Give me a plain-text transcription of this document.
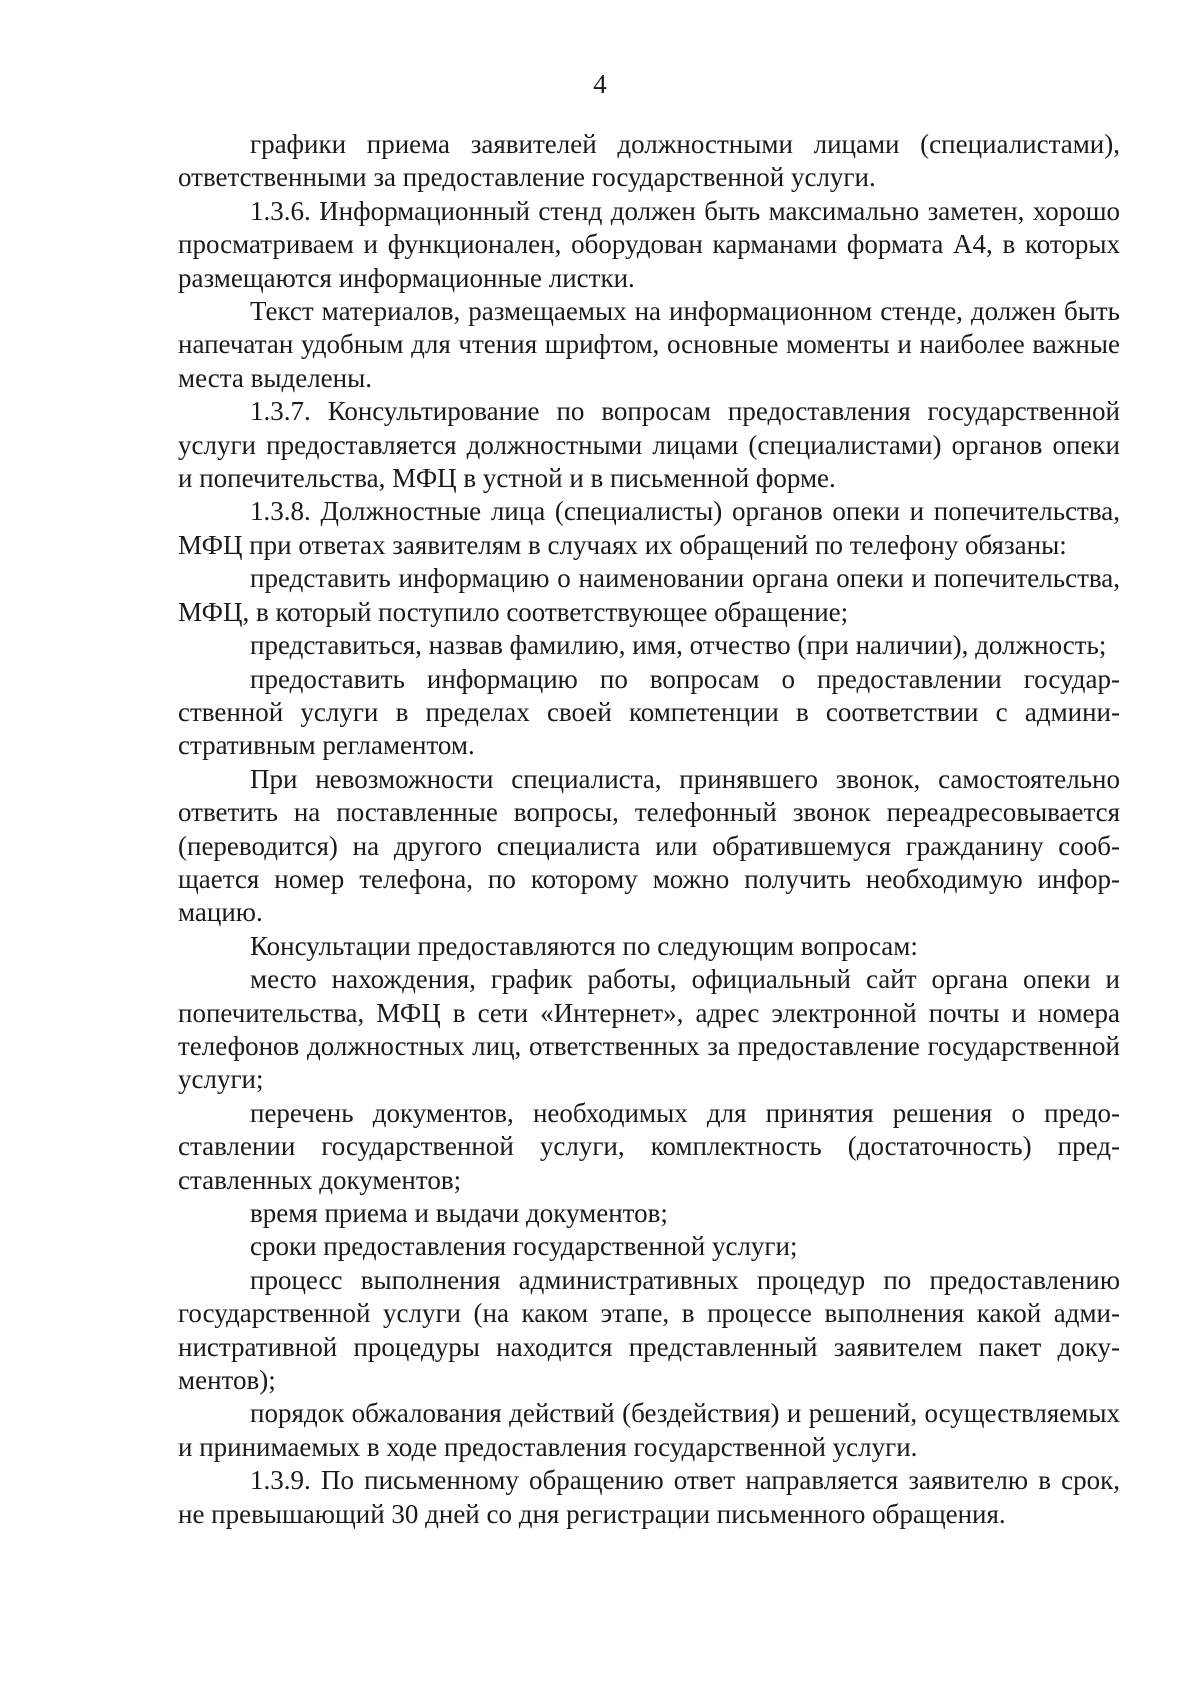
4

графики приема заявителей должностными лицами (специалистами), ответственными за предоставление государственной услуги.

1.3.6. Информационный стенд должен быть максимально заметен, хорошо просматриваем и функционален, оборудован карманами формата А4, в которых размещаются информационные листки.

Текст материалов, размещаемых на информационном стенде, должен быть напечатан удобным для чтения шрифтом, основные моменты и наиболее важные места выделены.

1.3.7. Консультирование по вопросам предоставления государственной услуги предоставляется должностными лицами (специалистами) органов опеки и попечительства, МФЦ в устной и в письменной форме.

1.3.8. Должностные лица (специалисты) органов опеки и попечительства, МФЦ при ответах заявителям в случаях их обращений по телефону обязаны:

представить информацию о наименовании органа опеки и попечительства, МФЦ, в который поступило соответствующее обращение;

представиться, назвав фамилию, имя, отчество (при наличии), должность;

предоставить информацию по вопросам о предоставлении государственной услуги в пределах своей компетенции в соответствии с административным регламентом.

При невозможности специалиста, принявшего звонок, самостоятельно ответить на поставленные вопросы, телефонный звонок переадресовывается (переводится) на другого специалиста или обратившемуся гражданину сообщается номер телефона, по которому можно получить необходимую информацию.

Консультации предоставляются по следующим вопросам:

место нахождения, график работы, официальный сайт органа опеки и попечительства, МФЦ в сети «Интернет», адрес электронной почты и номера телефонов должностных лиц, ответственных за предоставление государственной услуги;

перечень документов, необходимых для принятия решения о предоставлении государственной услуги, комплектность (достаточность) представленных документов;

время приема и выдачи документов;

сроки предоставления государственной услуги;

процесс выполнения административных процедур по предоставлению государственной услуги (на каком этапе, в процессе выполнения какой административной процедуры находится представленный заявителем пакет документов);

порядок обжалования действий (бездействия) и решений, осуществляемых и принимаемых в ходе предоставления государственной услуги.

1.3.9. По письменному обращению ответ направляется заявителю в срок, не превышающий 30 дней со дня регистрации письменного обращения.
